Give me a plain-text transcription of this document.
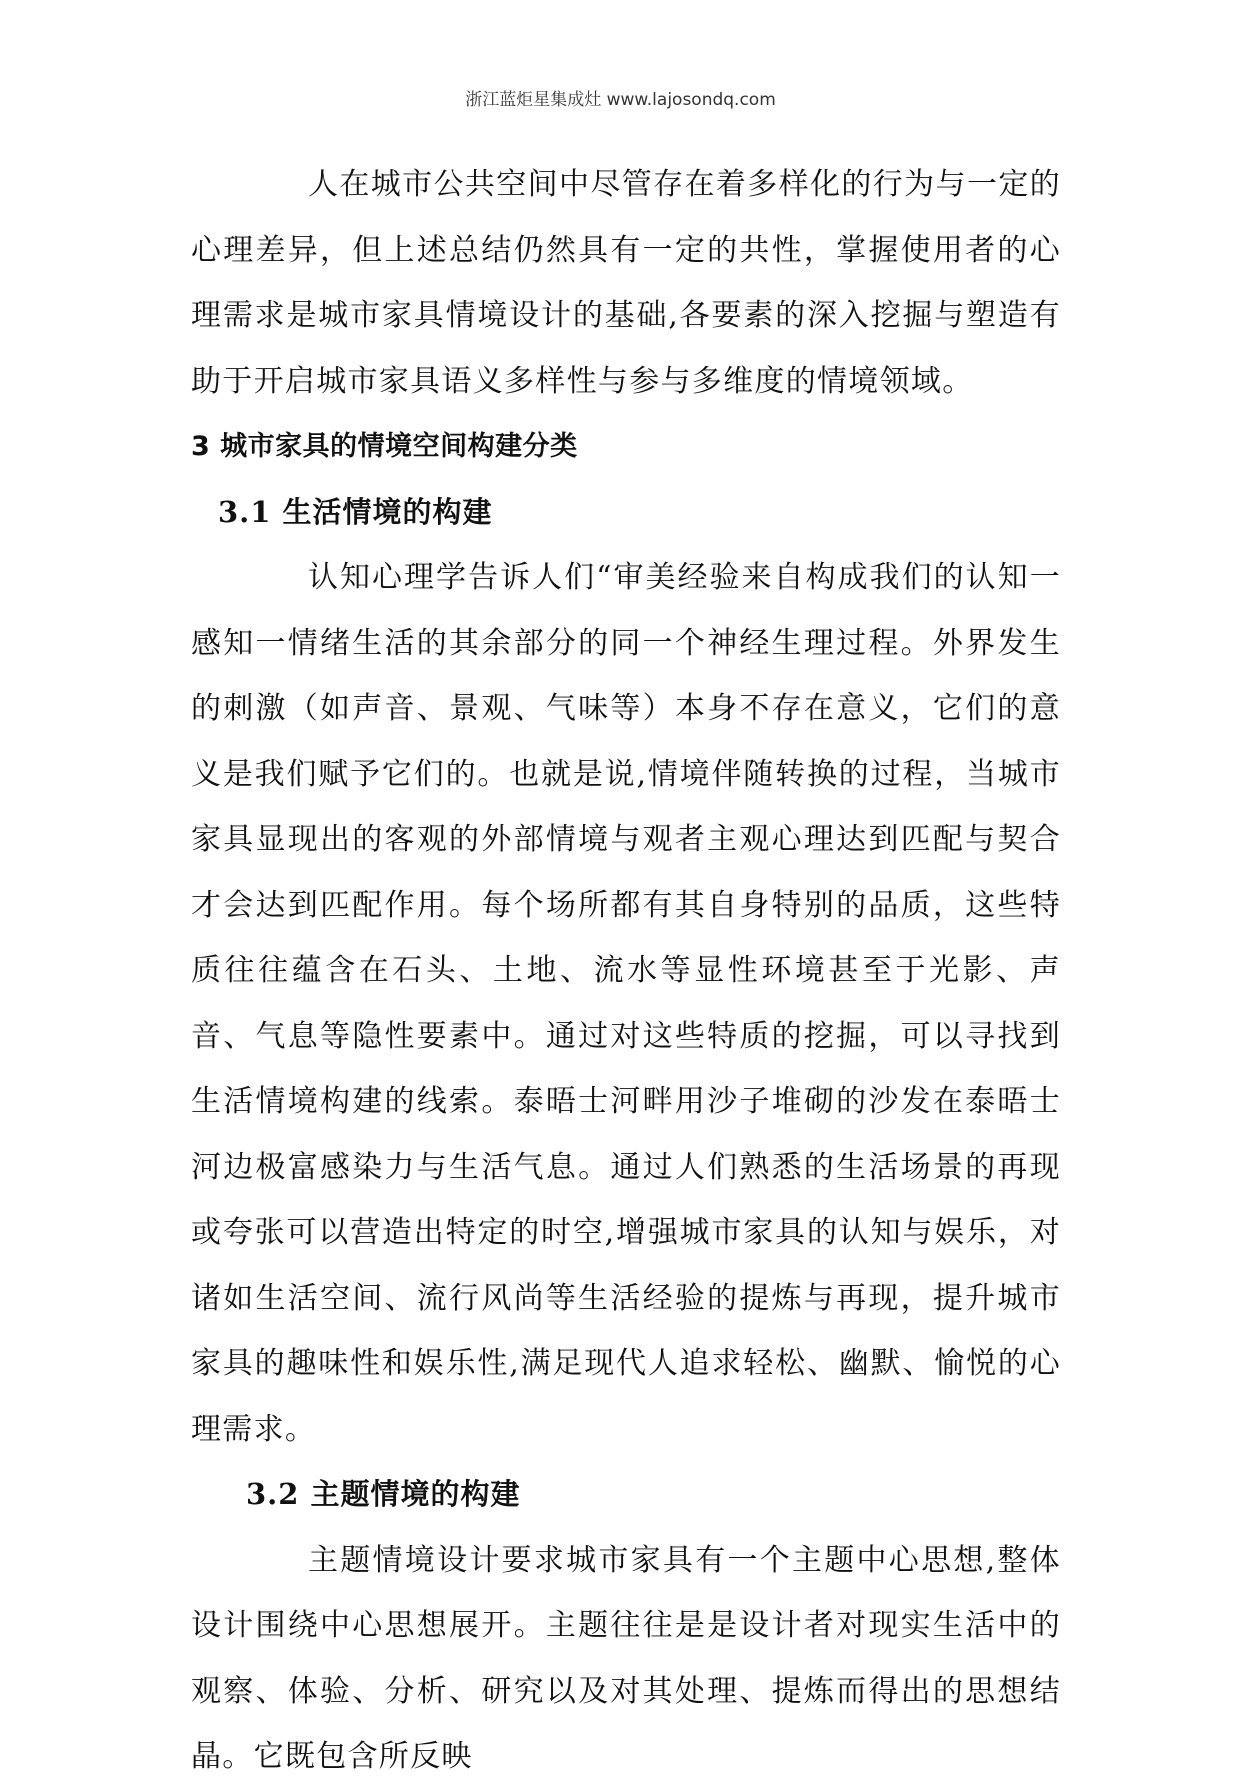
浙江蓝炬星集成灶 www.lajosondq.com

人在城市公共空间中尽管存在着多样化的行为与一定的心理差异，但上述总结仍然具有一定的共性，掌握使用者的心理需求是城市家具情境设计的基础,各要素的深入挖掘与塑造有助于开启城市家具语义多样性与参与多维度的情境领域。

3 城市家具的情境空间构建分类
3.1 生活情境的构建

认知心理学告诉人们“审美经验来自构成我们的认知一感知一情绪生活的其余部分的同一个神经生理过程。外界发生的刺激（如声音、景观、气味等）本身不存在意义，它们的意义是我们赋予它们的。也就是说,情境伴随转换的过程，当城市家具显现出的客观的外部情境与观者主观心理达到匹配与契合才会达到匹配作用。每个场所都有其自身特别的品质，这些特质往往蕴含在石头、土地、流水等显性环境甚至于光影、声音、气息等隐性要素中。通过对这些特质的挖掘，可以寻找到生活情境构建的线索。泰晤士河畔用沙子堆砌的沙发在泰晤士河边极富感染力与生活气息。通过人们熟悉的生活场景的再现或夸张可以营造出特定的时空,增强城市家具的认知与娱乐，对诸如生活空间、流行风尚等生活经验的提炼与再现，提升城市家具的趣味性和娱乐性,满足现代人追求轻松、幽默、愉悦的心理需求。

3.2 主题情境的构建

主题情境设计要求城市家具有一个主题中心思想,整体设计围绕中心思想展开。主题往往是是设计者对现实生活中的观察、体验、分析、研究以及对其处理、提炼而得出的思想结晶。它既包含所反映
